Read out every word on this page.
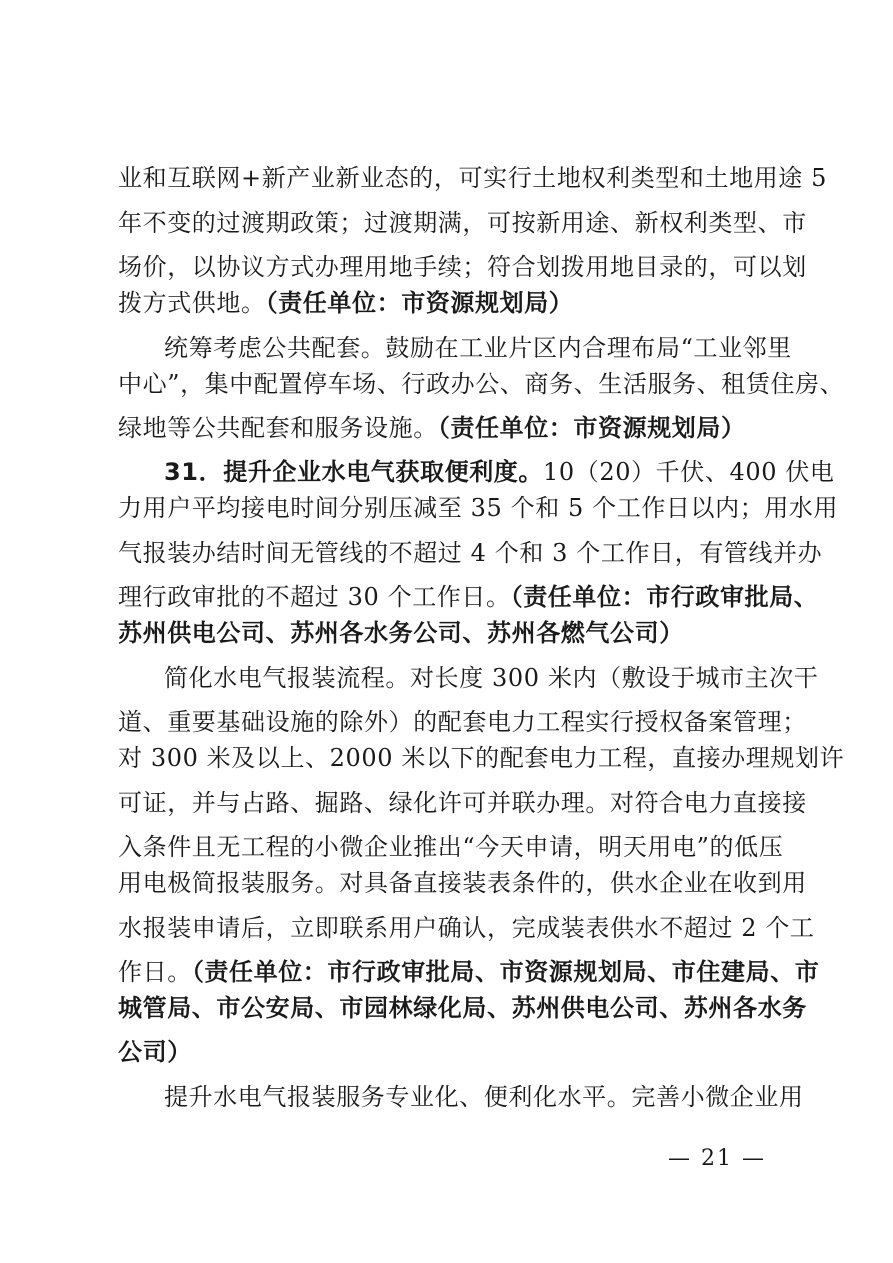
业和互联网+新产业新业态的，可实行土地权利类型和土地用途 5
年不变的过渡期政策；过渡期满，可按新用途、新权利类型、市
场价，以协议方式办理用地手续；符合划拨用地目录的，可以划
拨方式供地。（责任单位：市资源规划局）
统筹考虑公共配套。鼓励在工业片区内合理布局“工业邻里
中心”，集中配置停车场、行政办公、商务、生活服务、租赁住房、
绿地等公共配套和服务设施。（责任单位：市资源规划局）
31．提升企业水电气获取便利度。10（20）千伏、400 伏电
力用户平均接电时间分别压减至 35 个和 5 个工作日以内；用水用
气报装办结时间无管线的不超过 4 个和 3 个工作日，有管线并办
理行政审批的不超过 30 个工作日。（责任单位：市行政审批局、
苏州供电公司、苏州各水务公司、苏州各燃气公司）
简化水电气报装流程。对长度 300 米内（敷设于城市主次干
道、重要基础设施的除外）的配套电力工程实行授权备案管理；
对 300 米及以上、2000 米以下的配套电力工程，直接办理规划许
可证，并与占路、掘路、绿化许可并联办理。对符合电力直接接
入条件且无工程的小微企业推出“今天申请，明天用电”的低压
用电极简报装服务。对具备直接装表条件的，供水企业在收到用
水报装申请后，立即联系用户确认，完成装表供水不超过 2 个工
作日。（责任单位：市行政审批局、市资源规划局、市住建局、市
城管局、市公安局、市园林绿化局、苏州供电公司、苏州各水务
公司）
提升水电气报装服务专业化、便利化水平。完善小微企业用
— 21 —
